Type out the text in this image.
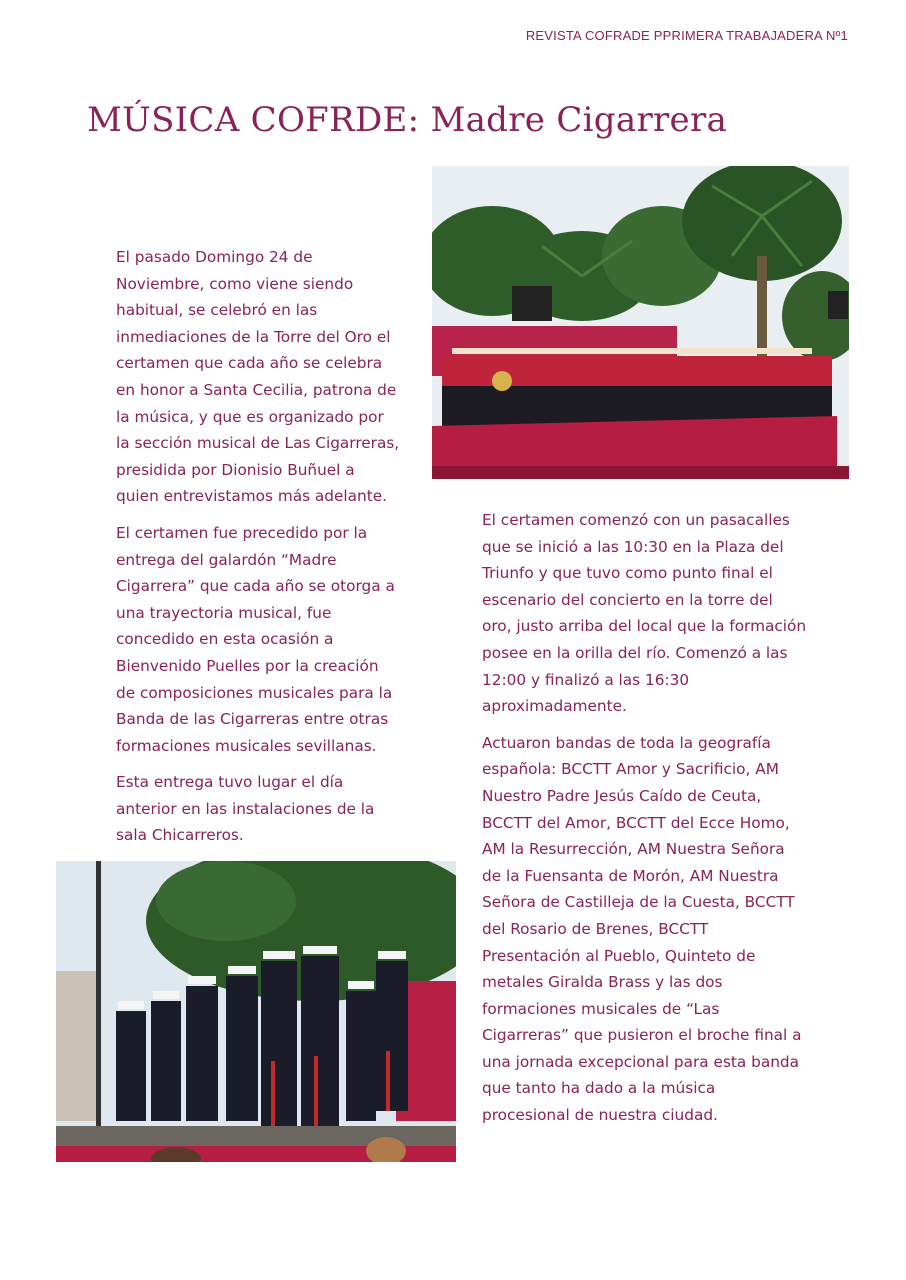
REVISTA COFRADE PPRIMERA TRABAJADERA Nº1
MÚSICA COFRDE: Madre Cigarrera

El pasado Domingo 24 de Noviembre, como viene siendo habitual, se celebró en las inmediaciones de la Torre del Oro el certamen que cada año se celebra en honor a Santa Cecilia, patrona de la música, y que es organizado por la sección musical de Las Cigarreras, presidida por Dionisio Buñuel a quien entrevistamos más adelante.

El certamen fue precedido por la entrega del galardón “Madre Cigarrera” que cada año se otorga a una trayectoria musical, fue concedido en esta ocasión a Bienvenido Puelles por la creación de composiciones musicales para la Banda de las Cigarreras entre otras formaciones musicales sevillanas.

Esta entrega tuvo lugar el día anterior en las instalaciones de la sala Chicarreros.

El certamen comenzó con un pasacalles que se inició a las 10:30 en la Plaza del Triunfo y que tuvo como punto final el escenario del concierto en la torre del oro, justo arriba del local que la formación posee en la orilla del río. Comenzó a las 12:00 y finalizó a las 16:30 aproximadamente.

Actuaron bandas de toda la geografía española: BCCTT Amor y Sacrificio, AM Nuestro Padre Jesús Caído de Ceuta, BCCTT del Amor, BCCTT del Ecce Homo, AM la Resurrección, AM Nuestra Señora de la Fuensanta de Morón, AM Nuestra Señora de Castilleja de la Cuesta, BCCTT del Rosario de Brenes, BCCTT Presentación al Pueblo, Quinteto de metales Giralda Brass y las dos formaciones musicales de “Las Cigarreras” que pusieron el broche final a una jornada excepcional para esta banda que tanto ha dado a la música procesional de nuestra ciudad.
